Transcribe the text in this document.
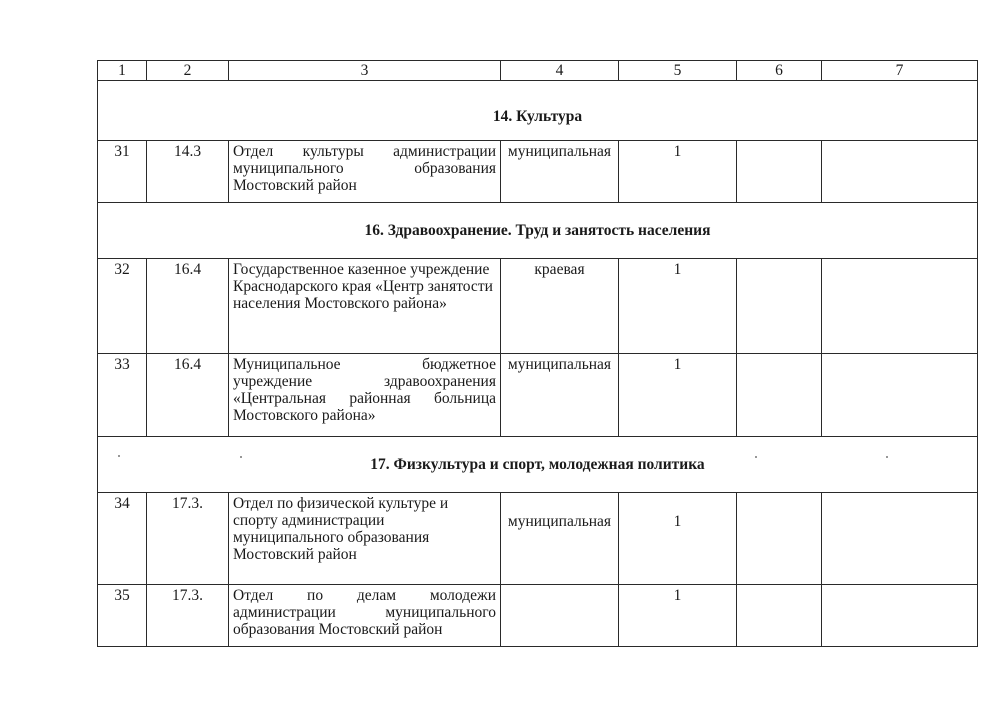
1	2	3	4	5	6	7
14. Культура						
31	14.3	Отдел культуры администрации муниципального образования Мостовский район	муниципальная	1		
16. Здравоохранение. Труд и занятость населения						
32	16.4	Государственное казенное учреждение Краснодарского края «Центр занятости населения Мостовского района»	краевая	1		
33	16.4	Муниципальное бюджетное учреждение здравоохранения «Центральная районная больница Мостовского района»	муниципальная	1		
17. Физкультура и спорт, молодежная политика						
34	17.3.	Отдел по физической культуре и спорту администрации муниципального образования Мостовский район	муниципальная	1		
35	17.3.	Отдел по делам молодежи администрации муниципального образования Мостовский район		1		
